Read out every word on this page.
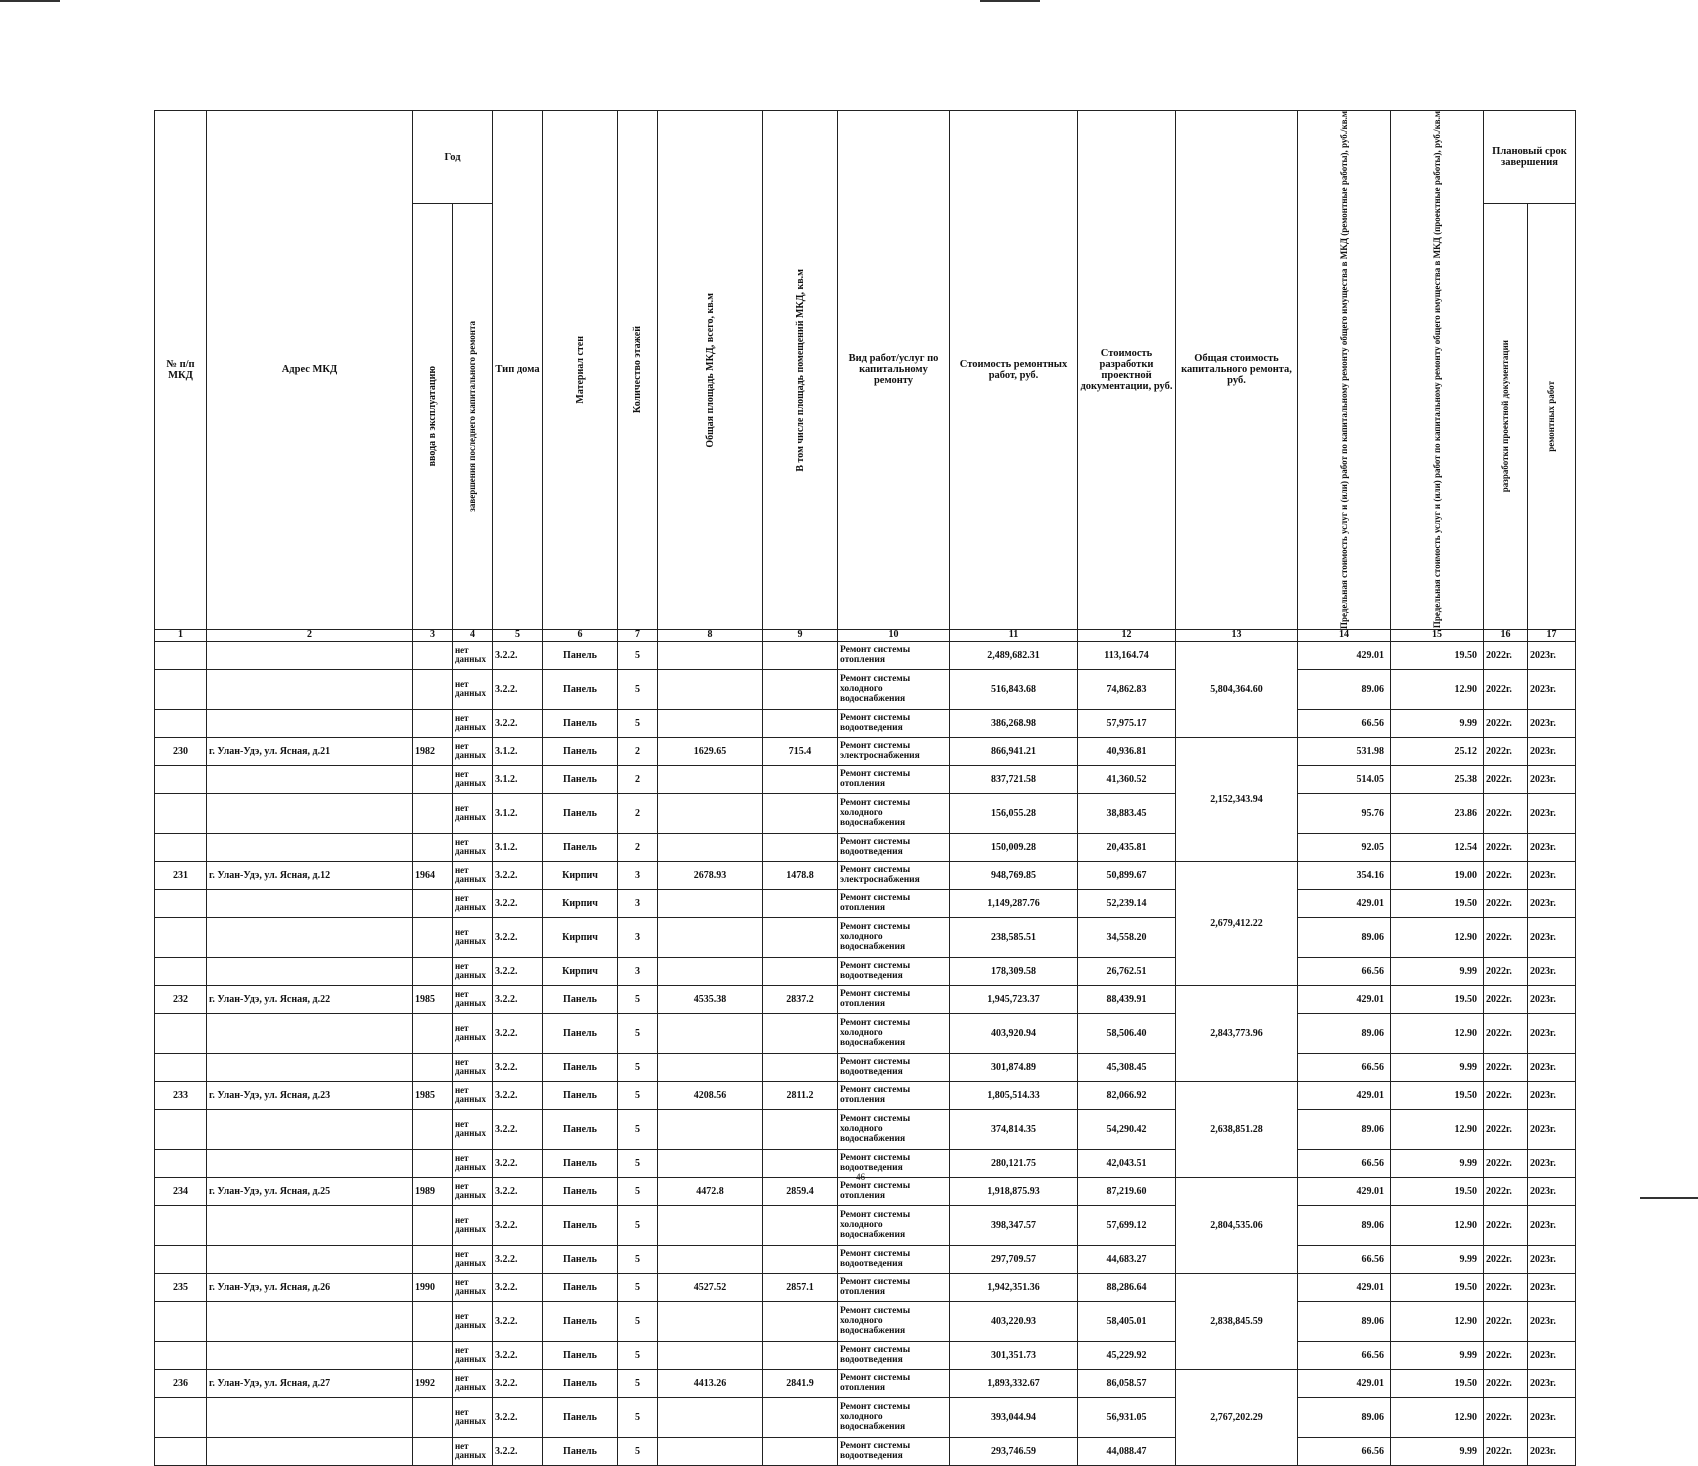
№ п/п МКД	Адрес МКД	Год		Тип дома	Материал стен	Количество этажей	Общая площадь МКД, всего, кв.м	В том числе площадь помещений МКД, кв.м	Вид работ/услуг по капитальному ремонту	Стоимость ремонтных работ, руб.	Стоимость разработки проектной документации, руб.	Общая стоимость капитального ремонта, руб.	Предельная стоимость услуг и (или) работ по капитальному ремонту общего имущества в МКД (ремонтные работы), руб./кв.м	Предельная стоимость услуг и (или) работ по капитальному ремонту общего имущества в МКД (проектные работы), руб./кв.м	Плановый срок завершения	

		ввода в эксплуатацию	завершения последнего капитального ремонта												разработки проектной документации	ремонтных работ

1	2	3	4	5	6	7	8	9	10	11	12	13	14	15	16	17
			нет данных	3.2.2.	Панель	5			Ремонт системы отопления	2,489,682.31	113,164.74	5,804,364.60	429.01	19.50	2022г.	2023г.
			нет данных	3.2.2.	Панель	5			Ремонт системы холодного водоснабжения	516,843.68	74,862.83		89.06	12.90	2022г.	2023г.
			нет данных	3.2.2.	Панель	5			Ремонт системы водоотведения	386,268.98	57,975.17		66.56	9.99	2022г.	2023г.
230	г. Улан-Удэ, ул. Ясная, д.21	1982	нет данных	3.1.2.	Панель	2	1629.65	715.4	Ремонт системы электроснабжения	866,941.21	40,936.81	2,152,343.94	531.98	25.12	2022г.	2023г.
			нет данных	3.1.2.	Панель	2			Ремонт системы отопления	837,721.58	41,360.52		514.05	25.38	2022г.	2023г.
			нет данных	3.1.2.	Панель	2			Ремонт системы холодного водоснабжения	156,055.28	38,883.45		95.76	23.86	2022г.	2023г.
			нет данных	3.1.2.	Панель	2			Ремонт системы водоотведения	150,009.28	20,435.81		92.05	12.54	2022г.	2023г.
231	г. Улан-Удэ, ул. Ясная, д.12	1964	нет данных	3.2.2.	Кирпич	3	2678.93	1478.8	Ремонт системы электроснабжения	948,769.85	50,899.67	2,679,412.22	354.16	19.00	2022г.	2023г.
			нет данных	3.2.2.	Кирпич	3			Ремонт системы отопления	1,149,287.76	52,239.14		429.01	19.50	2022г.	2023г.
			нет данных	3.2.2.	Кирпич	3			Ремонт системы холодного водоснабжения	238,585.51	34,558.20		89.06	12.90	2022г.	2023г.
			нет данных	3.2.2.	Кирпич	3			Ремонт системы водоотведения	178,309.58	26,762.51		66.56	9.99	2022г.	2023г.
232	г. Улан-Удэ, ул. Ясная, д.22	1985	нет данных	3.2.2.	Панель	5	4535.38	2837.2	Ремонт системы отопления	1,945,723.37	88,439.91	2,843,773.96	429.01	19.50	2022г.	2023г.
			нет данных	3.2.2.	Панель	5			Ремонт системы холодного водоснабжения	403,920.94	58,506.40		89.06	12.90	2022г.	2023г.
			нет данных	3.2.2.	Панель	5			Ремонт системы водоотведения	301,874.89	45,308.45		66.56	9.99	2022г.	2023г.
233	г. Улан-Удэ, ул. Ясная, д.23	1985	нет данных	3.2.2.	Панель	5	4208.56	2811.2	Ремонт системы отопления	1,805,514.33	82,066.92	2,638,851.28	429.01	19.50	2022г.	2023г.
			нет данных	3.2.2.	Панель	5			Ремонт системы холодного водоснабжения	374,814.35	54,290.42		89.06	12.90	2022г.	2023г.
			нет данных	3.2.2.	Панель	5			Ремонт системы водоотведения	280,121.75	42,043.51		66.56	9.99	2022г.	2023г.
234	г. Улан-Удэ, ул. Ясная, д.25	1989	нет данных	3.2.2.	Панель	5	4472.8	2859.4	Ремонт системы отопления	1,918,875.93	87,219.60	2,804,535.06	429.01	19.50	2022г.	2023г.
			нет данных	3.2.2.	Панель	5			Ремонт системы холодного водоснабжения	398,347.57	57,699.12		89.06	12.90	2022г.	2023г.
			нет данных	3.2.2.	Панель	5			Ремонт системы водоотведения	297,709.57	44,683.27		66.56	9.99	2022г.	2023г.
235	г. Улан-Удэ, ул. Ясная, д.26	1990	нет данных	3.2.2.	Панель	5	4527.52	2857.1	Ремонт системы отопления	1,942,351.36	88,286.64	2,838,845.59	429.01	19.50	2022г.	2023г.
			нет данных	3.2.2.	Панель	5			Ремонт системы холодного водоснабжения	403,220.93	58,405.01		89.06	12.90	2022г.	2023г.
			нет данных	3.2.2.	Панель	5			Ремонт системы водоотведения	301,351.73	45,229.92		66.56	9.99	2022г.	2023г.
236	г. Улан-Удэ, ул. Ясная, д.27	1992	нет данных	3.2.2.	Панель	5	4413.26	2841.9	Ремонт системы отопления	1,893,332.67	86,058.57	2,767,202.29	429.01	19.50	2022г.	2023г.
			нет данных	3.2.2.	Панель	5			Ремонт системы холодного водоснабжения	393,044.94	56,931.05		89.06	12.90	2022г.	2023г.
			нет данных	3.2.2.	Панель	5			Ремонт системы водоотведения	293,746.59	44,088.47		66.56	9.99	2022г.	2023г.
46
